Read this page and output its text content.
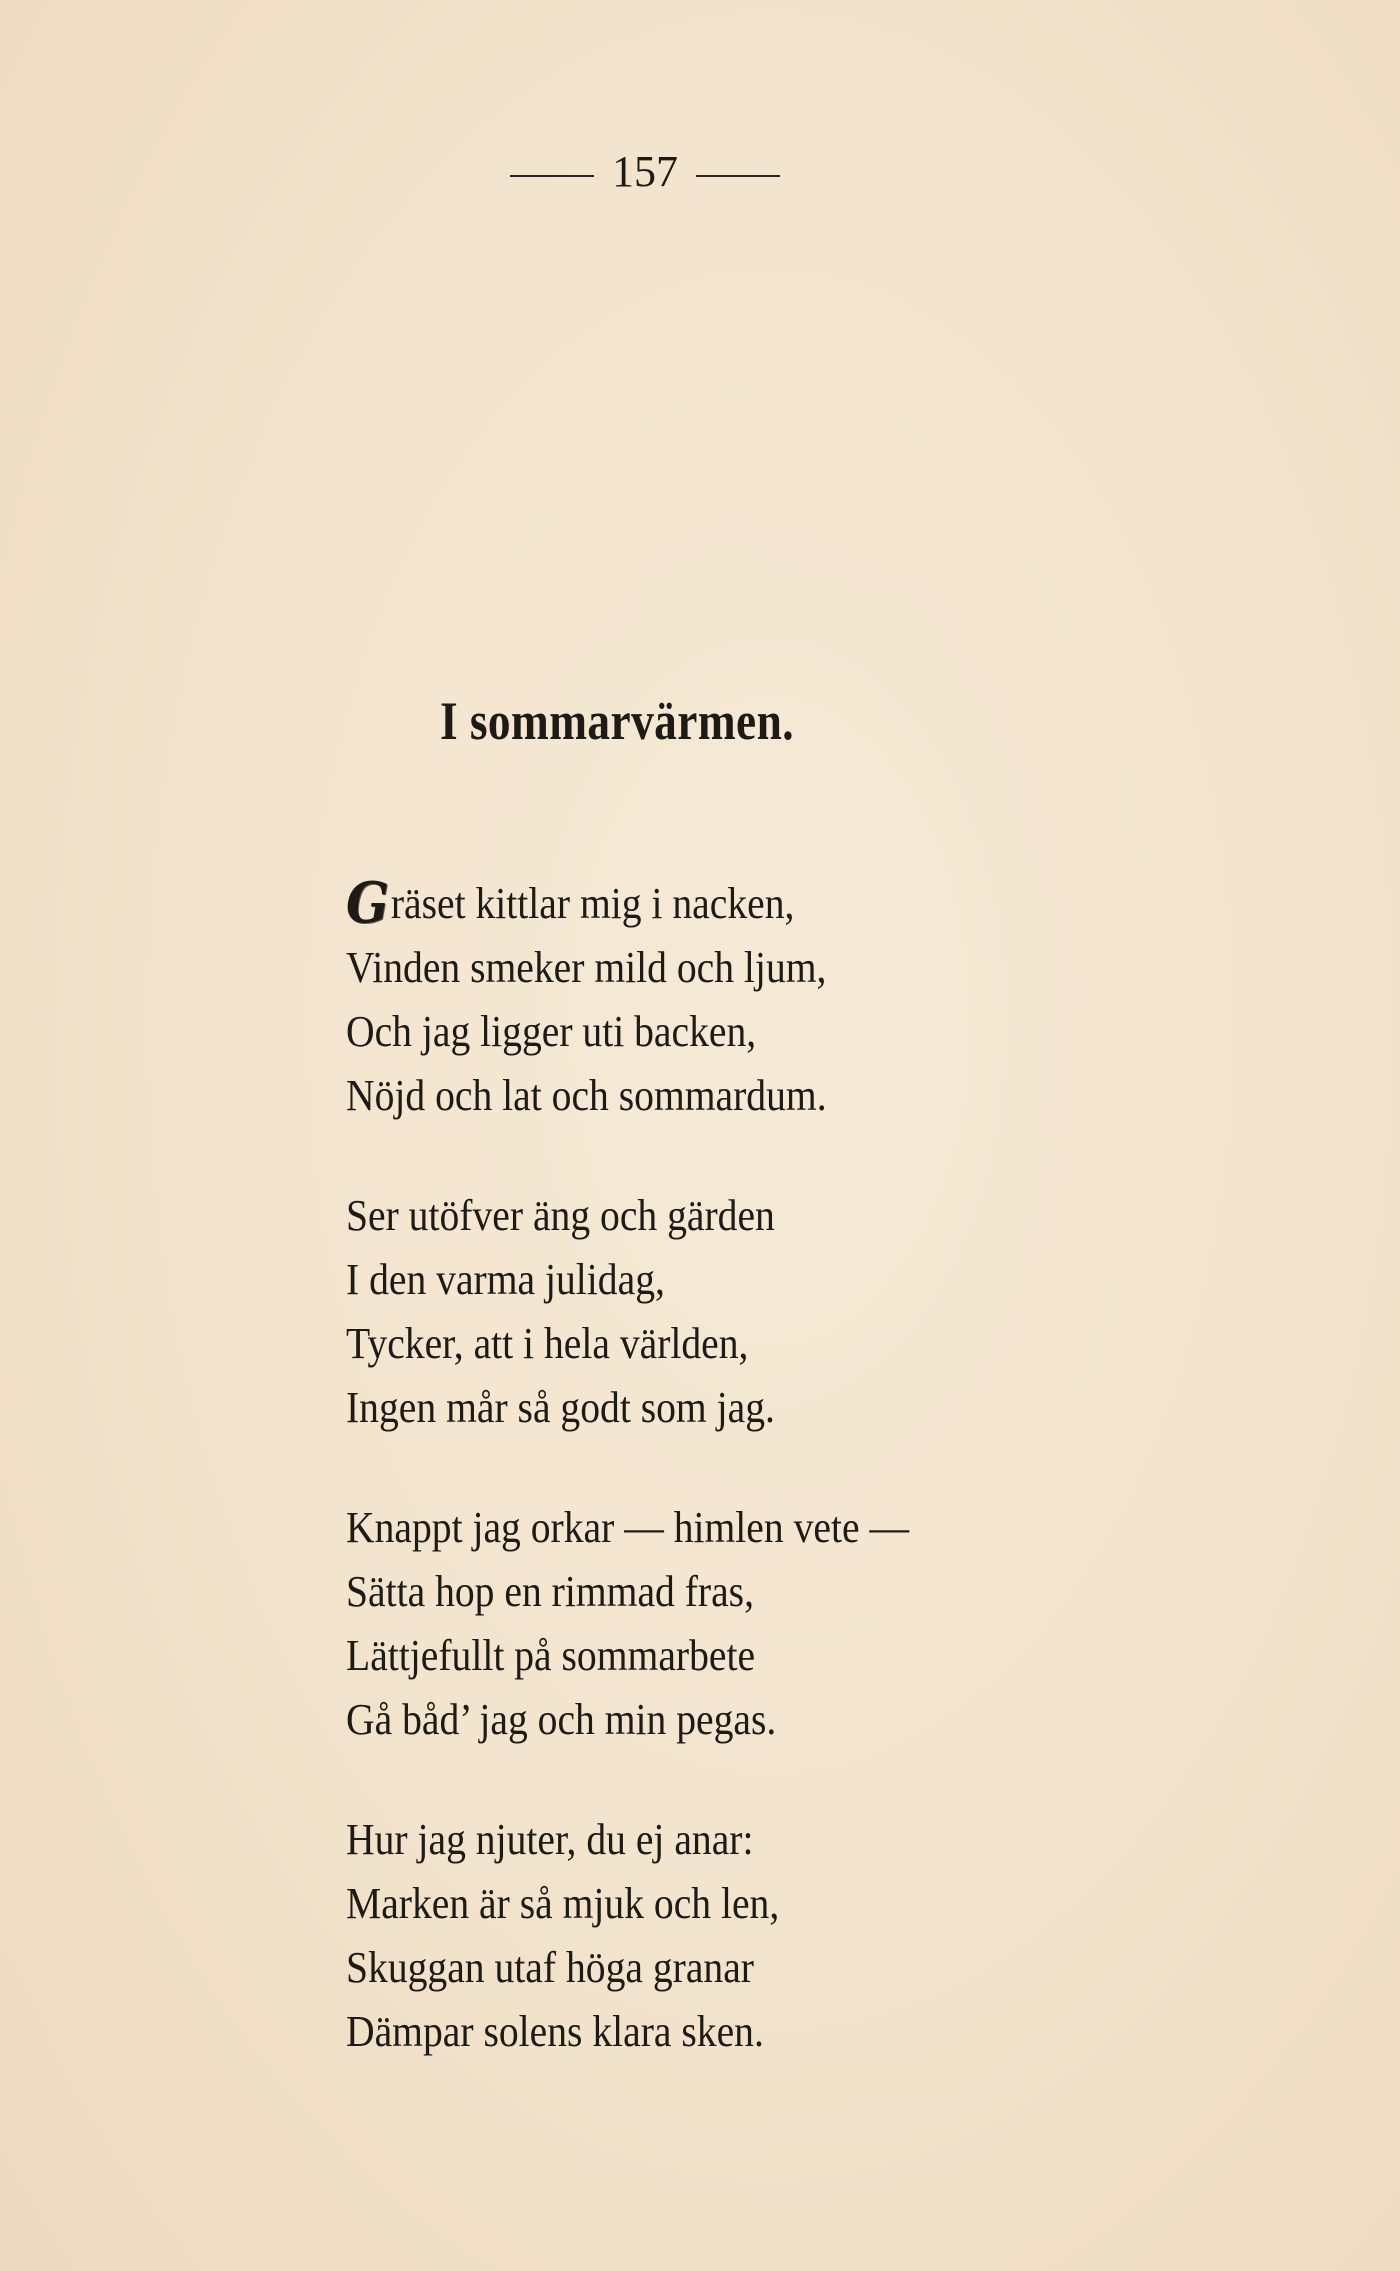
157
I sommarvärmen.
Gräset kittlar mig i nacken,
Vinden smeker mild och ljum,
Och jag ligger uti backen,
Nöjd och lat och sommardum.
Ser utöfver äng och gärden
I den varma julidag,
Tycker, att i hela världen,
Ingen mår så godt som jag.
Knappt jag orkar — himlen vete —
Sätta hop en rimmad fras,
Lättjefullt på sommarbete
Gå båd’ jag och min pegas.
Hur jag njuter, du ej anar:
Marken är så mjuk och len,
Skuggan utaf höga granar
Dämpar solens klara sken.
